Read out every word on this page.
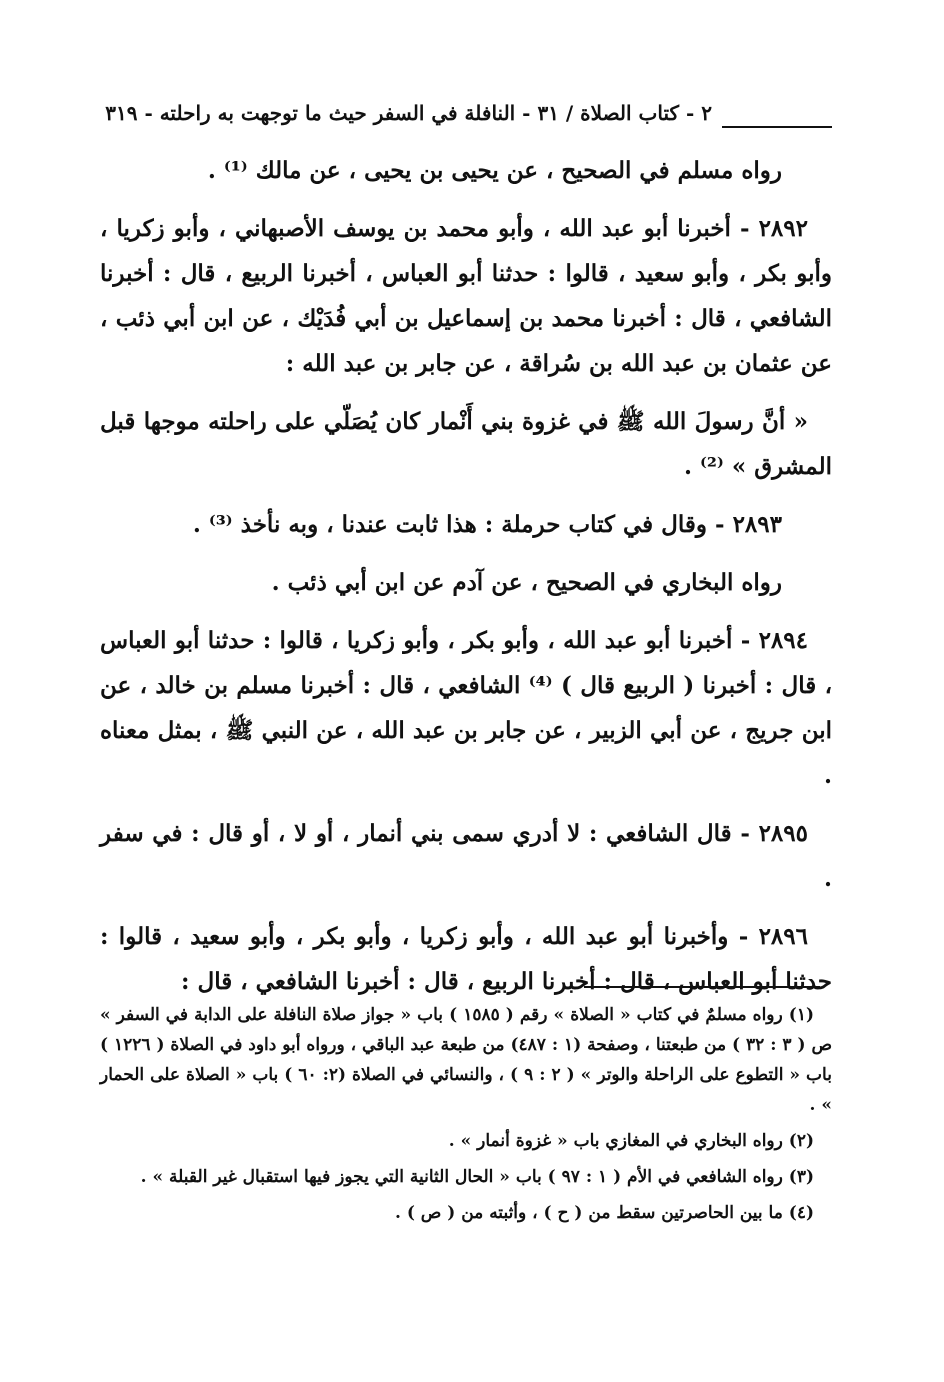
٢ - كتاب الصلاة / ٣١ - النافلة في السفر حيث ما توجهت به راحلته - ٣١٩

رواه مسلم في الصحيح ، عن يحيى بن يحيى ، عن مالك ⁽¹⁾ .

٢٨٩٢ - أخبرنا أبو عبد الله ، وأبو محمد بن يوسف الأصبهاني ، وأبو زكريا ، وأبو بكر ، وأبو سعيد ، قالوا : حدثنا أبو العباس ، أخبرنا الربيع ، قال : أخبرنا الشافعي ، قال : أخبرنا محمد بن إسماعيل بن أبي فُدَيْك ، عن ابن أبي ذئب ، عن عثمان بن عبد الله بن سُراقة ، عن جابر بن عبد الله :

« أنَّ رسولَ الله ﷺ في غزوة بني أَنْمار كان يُصَلّي على راحلته موجها قبل المشرق » ⁽²⁾ .

٢٨٩٣ - وقال في كتاب حرملة : هذا ثابت عندنا ، وبه نأخذ ⁽³⁾ .

رواه البخاري في الصحيح ، عن آدم عن ابن أبي ذئب .

٢٨٩٤ - أخبرنا أبو عبد الله ، وأبو بكر ، وأبو زكريا ، قالوا : حدثنا أبو العباس ، قال : أخبرنا ( الربيع قال ) ⁽⁴⁾ الشافعي ، قال : أخبرنا مسلم بن خالد ، عن ابن جريج ، عن أبي الزبير ، عن جابر بن عبد الله ، عن النبي ﷺ ، بمثل معناه .

٢٨٩٥ - قال الشافعي : لا أدري سمى بني أنمار ، أو لا ، أو قال : في سفر .

٢٨٩٦ - وأخبرنا أبو عبد الله ، وأبو زكريا ، وأبو بكر ، وأبو سعيد ، قالوا : حدثنا أبو العباس ، قال : أخبرنا الربيع ، قال : أخبرنا الشافعي ، قال :

(١) رواه مسلمٌ في كتاب « الصلاة » رقم ( ١٥٨٥ ) باب « جواز صلاة النافلة على الدابة في السفر » ص ( ٣ : ٣٢ ) من طبعتنا ، وصفحة (١ : ٤٨٧) من طبعة عبد الباقي ، ورواه أبو داود في الصلاة ( ١٢٢٦ ) باب « التطوع على الراحلة والوتر » ( ٢ : ٩ ) ، والنسائي في الصلاة (٢: ٦٠ ) باب « الصلاة على الحمار » .

(٢) رواه البخاري في المغازي باب « غزوة أنمار » .

(٣) رواه الشافعي في الأم ( ١ : ٩٧ ) باب « الحال الثانية التي يجوز فيها استقبال غير القبلة » .

(٤) ما بين الحاصرتين سقط من ( ح ) ، وأثبته من ( ص ) .
